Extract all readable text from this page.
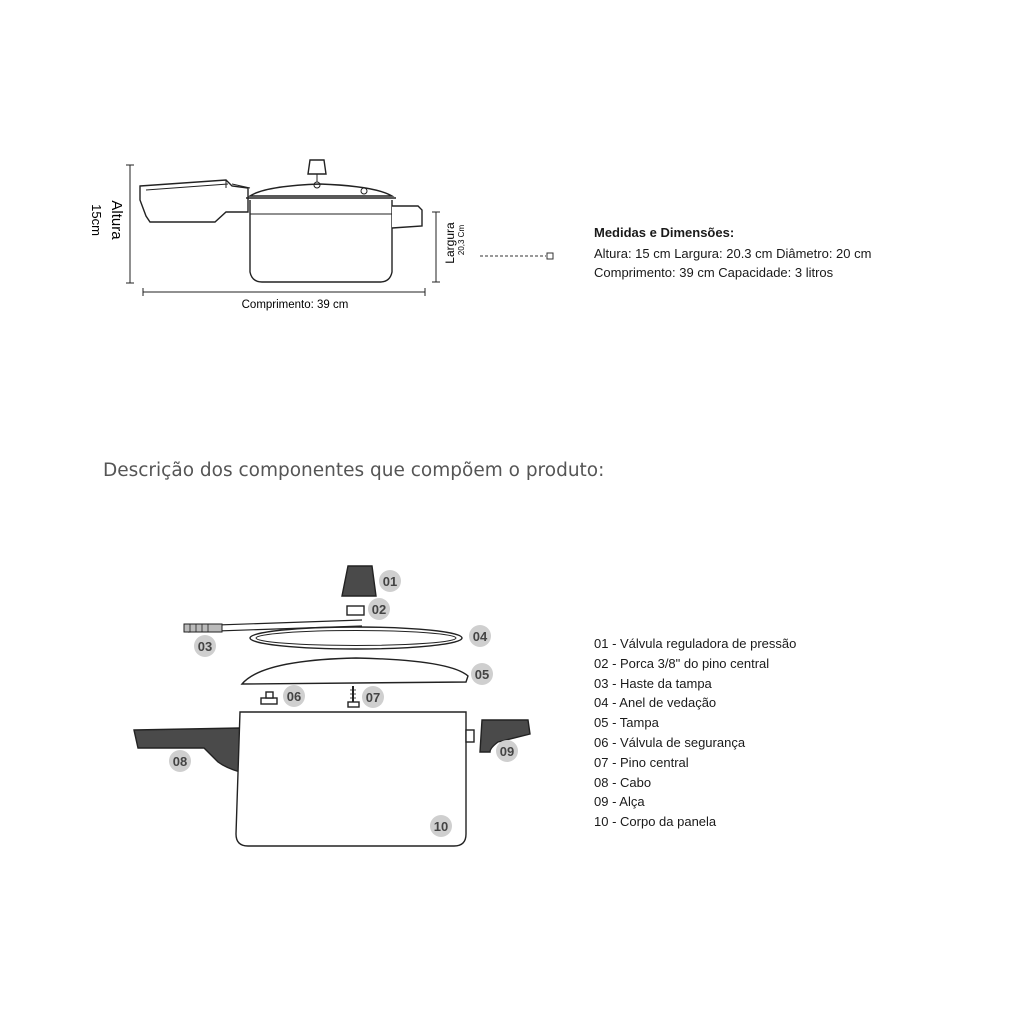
Altura
15cm
Largura 20,3 Cm
Comprimento: 39 cm
Medidas e Dimensões:
Altura: 15 cm Largura: 20.3 cm Diâmetro: 20 cm
Comprimento: 39 cm Capacidade: 3 litros
Descrição dos componentes que compõem o produto:
01
02
03
04
05
06	07
08
09
10
01 - Válvula reguladora de pressão
02 - Porca 3/8" do pino central
03 - Haste da tampa
04 - Anel de vedação
05 - Tampa
06 - Válvula de segurança
07 - Pino central
08 - Cabo
09 - Alça
10 - Corpo da panela
